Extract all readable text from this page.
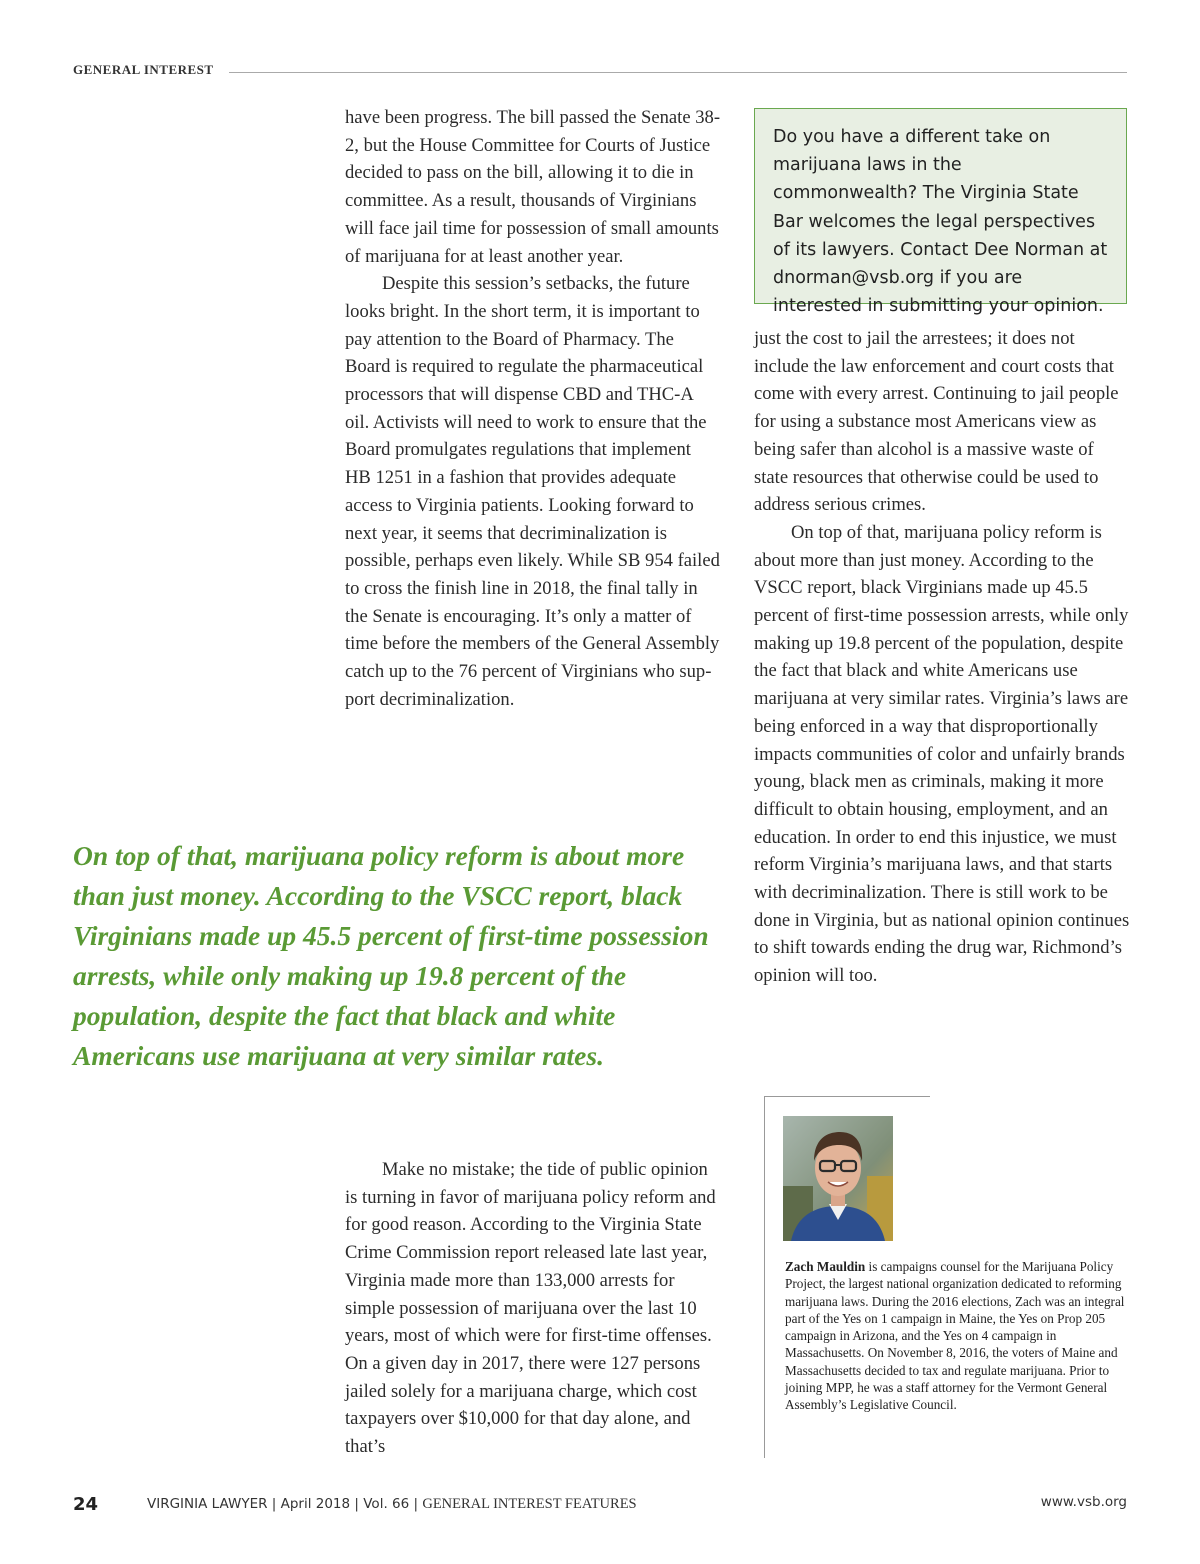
GENERAL INTEREST

have been progress. The bill passed the Senate 38-2, but the House Committee for Courts of Justice decided to pass on the bill, allowing it to die in committee. As a result, thousands of Virginians will face jail time for possession of small amounts of marijuana for at least another year.

Despite this session’s setbacks, the future looks bright. In the short term, it is important to pay attention to the Board of Pharmacy. The Board is required to regulate the pharmaceutical processors that will dispense CBD and THC-A oil. Activists will need to work to ensure that the Board promulgates regulations that implement HB 1251 in a fashion that provides adequate access to Virginia patients. Looking forward to next year, it seems that decriminalization is possible, perhaps even likely. While SB 954 failed to cross the finish line in 2018, the final tally in the Senate is encouraging. It’s only a matter of time before the members of the General Assembly catch up to the 76 percent of Virginians who support decriminalization.

Do you have a different take on marijuana laws in the commonwealth? The Virginia State Bar welcomes the legal perspectives of its lawyers. Contact Dee Norman at dnorman@vsb.org if you are interested in submitting your opinion.

just the cost to jail the arrestees; it does not include the law enforcement and court costs that come with every arrest. Continuing to jail people for using a substance most Americans view as being safer than alcohol is a massive waste of state resources that otherwise could be used to address serious crimes.

On top of that, marijuana policy reform is about more than just money. According to the VSCC report, black Virginians made up 45.5 percent of first-time possession arrests, while only making up 19.8 percent of the population, despite the fact that black and white Americans use marijuana at very similar rates. Virginia’s laws are being enforced in a way that disproportionally impacts communities of color and unfairly brands young, black men as criminals, making it more difficult to obtain housing, employment, and an education. In order to end this injustice, we must reform Virginia’s marijuana laws, and that starts with decriminalization. There is still work to be done in Virginia, but as national opinion continues to shift towards ending the drug war, Richmond’s opinion will too.

On top of that, marijuana policy reform is about more than just money. According to the VSCC report, black Virginians made up 45.5 percent of first-time possession arrests, while only making up 19.8 percent of the population, despite the fact that black and white Americans use marijuana at very similar rates.

Make no mistake; the tide of public opinion is turning in favor of marijuana policy reform and for good reason. According to the Virginia State Crime Commission report released late last year, Virginia made more than 133,000 arrests for simple possession of marijuana over the last 10 years, most of which were for first-time offenses. On a given day in 2017, there were 127 persons jailed solely for a marijuana charge, which cost taxpayers over $10,000 for that day alone, and that’s

Zach Mauldin is campaigns counsel for the Marijuana Policy Project, the largest national organization dedicated to reforming marijuana laws. During the 2016 elections, Zach was an integral part of the Yes on 1 campaign in Maine, the Yes on Prop 205 campaign in Arizona, and the Yes on 4 campaign in Massachusetts. On November 8, 2016, the voters of Maine and Massachusetts decided to tax and regulate marijuana. Prior to joining MPP, he was a staff attorney for the Vermont General Assembly’s Legislative Council.
24	VIRGINIA LAWYER | April 2018 | Vol. 66 | GENERAL INTEREST FEATURES	www.vsb.org
